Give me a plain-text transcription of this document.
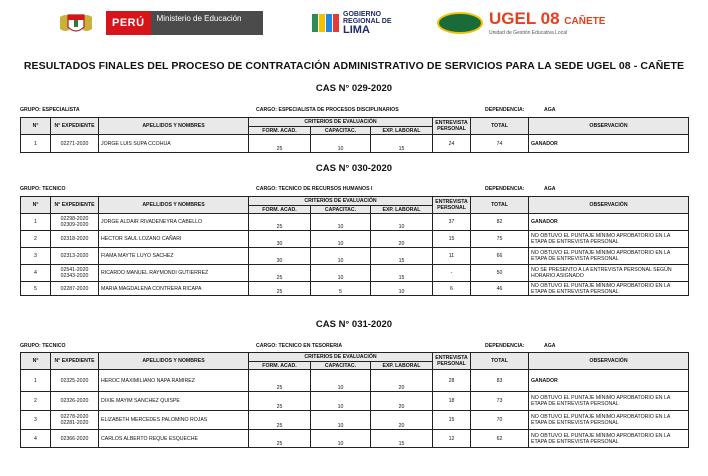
PERÚ	Ministerio de Educación	GOBIERNO
REGIONAL DE
LIMA
UGEL 08 CAÑETE
Unidad de Gestión Educativa Local
RESULTADOS FINALES DEL PROCESO DE CONTRATACIÓN ADMINISTRATIVO DE SERVICIOS PARA LA SEDE UGEL 08 - CAÑETE
CAS N° 029-2020
GRUPO: ESPECIALISTA	CARGO: ESPECIALISTA DE PROCESOS DISCIPLINARIOS	DEPENDENCIA:	AGA
N°	N° EXPEDIENTE	APELLIDOS Y NOMBRES	CRITERIOS DE EVALUACIÓN			ENTREVISTA PERSONAL	TOTAL	OBSERVACIÓN
			FORM. ACAD.	CAPACITAC.	EXP. LABORAL			
1	02271-2020	JORGE LUIS SUPA CCOHUA	25	10	15	24	74	GANADOR
CAS N° 030-2020
GRUPO: TECNICO	CARGO: TECNICO DE RECURSOS HUMANOS I	DEPENDENCIA:	AGA
N°	N° EXPEDIENTE	APELLIDOS Y NOMBRES	CRITERIOS DE EVALUACIÓN			ENTREVISTA PERSONAL	TOTAL	OBSERVACIÓN
			FORM. ACAD.	CAPACITAC.	EXP. LABORAL			
1	02298-2020 02309-2020	JORGE ALDAIR RIVADENEYRA CABELLO	25	10	10	37	82	GANADOR
2	02318-2020	HECTOR SAUL LOZANO CAÑARI	30	10	20	15	75	NO OBTUVO EL PUNTAJE MÍNIMO APROBATORIO EN LA ETAPA DE ENTREVISTA PERSONAL
3	02313-2020	FIAMA MAYTE LUYO SACHEZ	30	10	15	11	66	NO OBTUVO EL PUNTAJE MÍNIMO APROBATORIO EN LA ETAPA DE ENTREVISTA PERSONAL
4	02541-2020 02343-2020	RICARDO MANUEL RAYMONDI GUTIERREZ	25	10	15	-	50	NO SE PRESENTO A LA ENTREVISTA PERSONAL SEGÚN HORARIO ASIGNADO
5	02287-2020	MARIA MAGDALENA CONTRERA RICAPA	25	5	10	6	46	NO OBTUVO EL PUNTAJE MÍNIMO APROBATORIO EN LA ETAPA DE ENTREVISTA PERSONAL
CAS N° 031-2020
GRUPO: TECNICO	CARGO: TECNICO EN TESORERIA	DEPENDENCIA:	AGA
N°	N° EXPEDIENTE	APELLIDOS Y NOMBRES	CRITERIOS DE EVALUACIÓN			ENTREVISTA PERSONAL	TOTAL	OBSERVACIÓN
			FORM. ACAD.	CAPACITAC.	EXP. LABORAL			
1	02325-2020	HEROC MAXIMILIANO NAPA RAMIREZ	25	10	20	28	83	GANADOR
2	02326-2020	DIXIE MAYIM SANCHEZ QUISPE	25	10	20	18	73	NO OBTUVO EL PUNTAJE MÍNIMO APROBATORIO EN LA ETAPA DE ENTREVISTA PERSONAL
3	02278-2020 02281-2020	ELIZABETH MERCEDES PALOMINO ROJAS	25	10	20	15	70	NO OBTUVO EL PUNTAJE MÍNIMO APROBATORIO EN LA ETAPA DE ENTREVISTA PERSONAL
4	02366-2020	CARLOS ALBERTO REQUE ESQUECHE	25	10	15	12	62	NO OBTUVO EL PUNTAJE MÍNIMO APROBATORIO EN LA ETAPA DE ENTREVISTA PERSONAL
